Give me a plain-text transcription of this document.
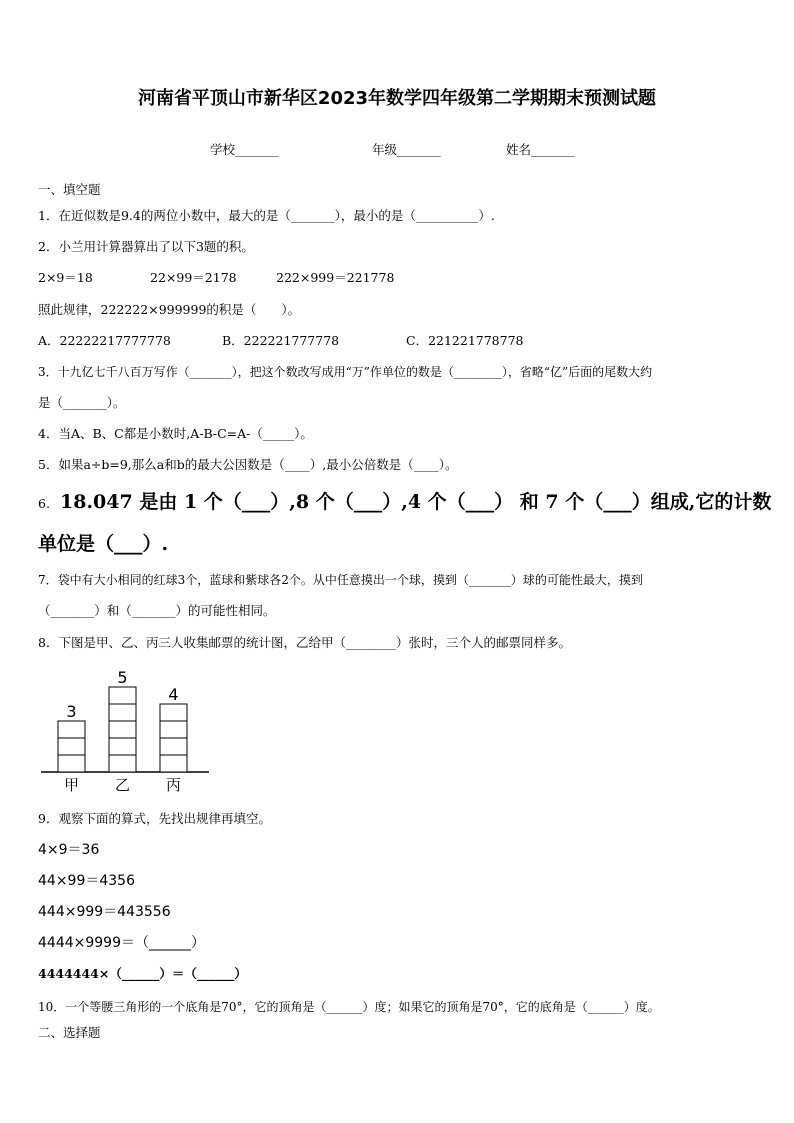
河南省平顶山市新华区2023年数学四年级第二学期期末预测试题
学校_______	年级_______	姓名_______
一、填空题
1．在近似数是9.4的两位小数中，最大的是（_______），最小的是（__________）.
2．小兰用计算器算出了以下3题的积。
2×9＝18	22×99＝2178	222×999＝221778
照此规律，222222×999999的积是（　　）。
A．22222217777778	B．222221777778	C．221221778778
3．十九亿七千八百万写作（_______），把这个数改写成用“万”作单位的数是（________），省略“亿”后面的尾数大约
是（_______）。
4．当A、B、C都是小数时,A-B-C=A-（_____）。
5．如果a÷b=9,那么a和b的最大公因数是（____）,最小公倍数是（____）。
6. 18.047 是由 1 个（___）,8 个（___）,4 个（___） 和 7 个（___）组成,它的计数
单位是（___）.
7．袋中有大小相同的红球3个，蓝球和紫球各2个。从中任意摸出一个球，摸到（_______）球的可能性最大，摸到
（_______）和（_______）的可能性相同。
8．下图是甲、乙、丙三人收集邮票的统计图，乙给甲（________）张时，三个人的邮票同样多。
3
甲
5
乙
4
丙
9．观察下面的算式，先找出规律再填空。
4×9＝36
44×99＝4356
444×999＝443556
4444×9999＝（______）
4444444×（______）＝（______）
10．一个等腰三角形的一个底角是70°，它的顶角是（______）度；如果它的顶角是70°，它的底角是（______）度。
二、选择题
